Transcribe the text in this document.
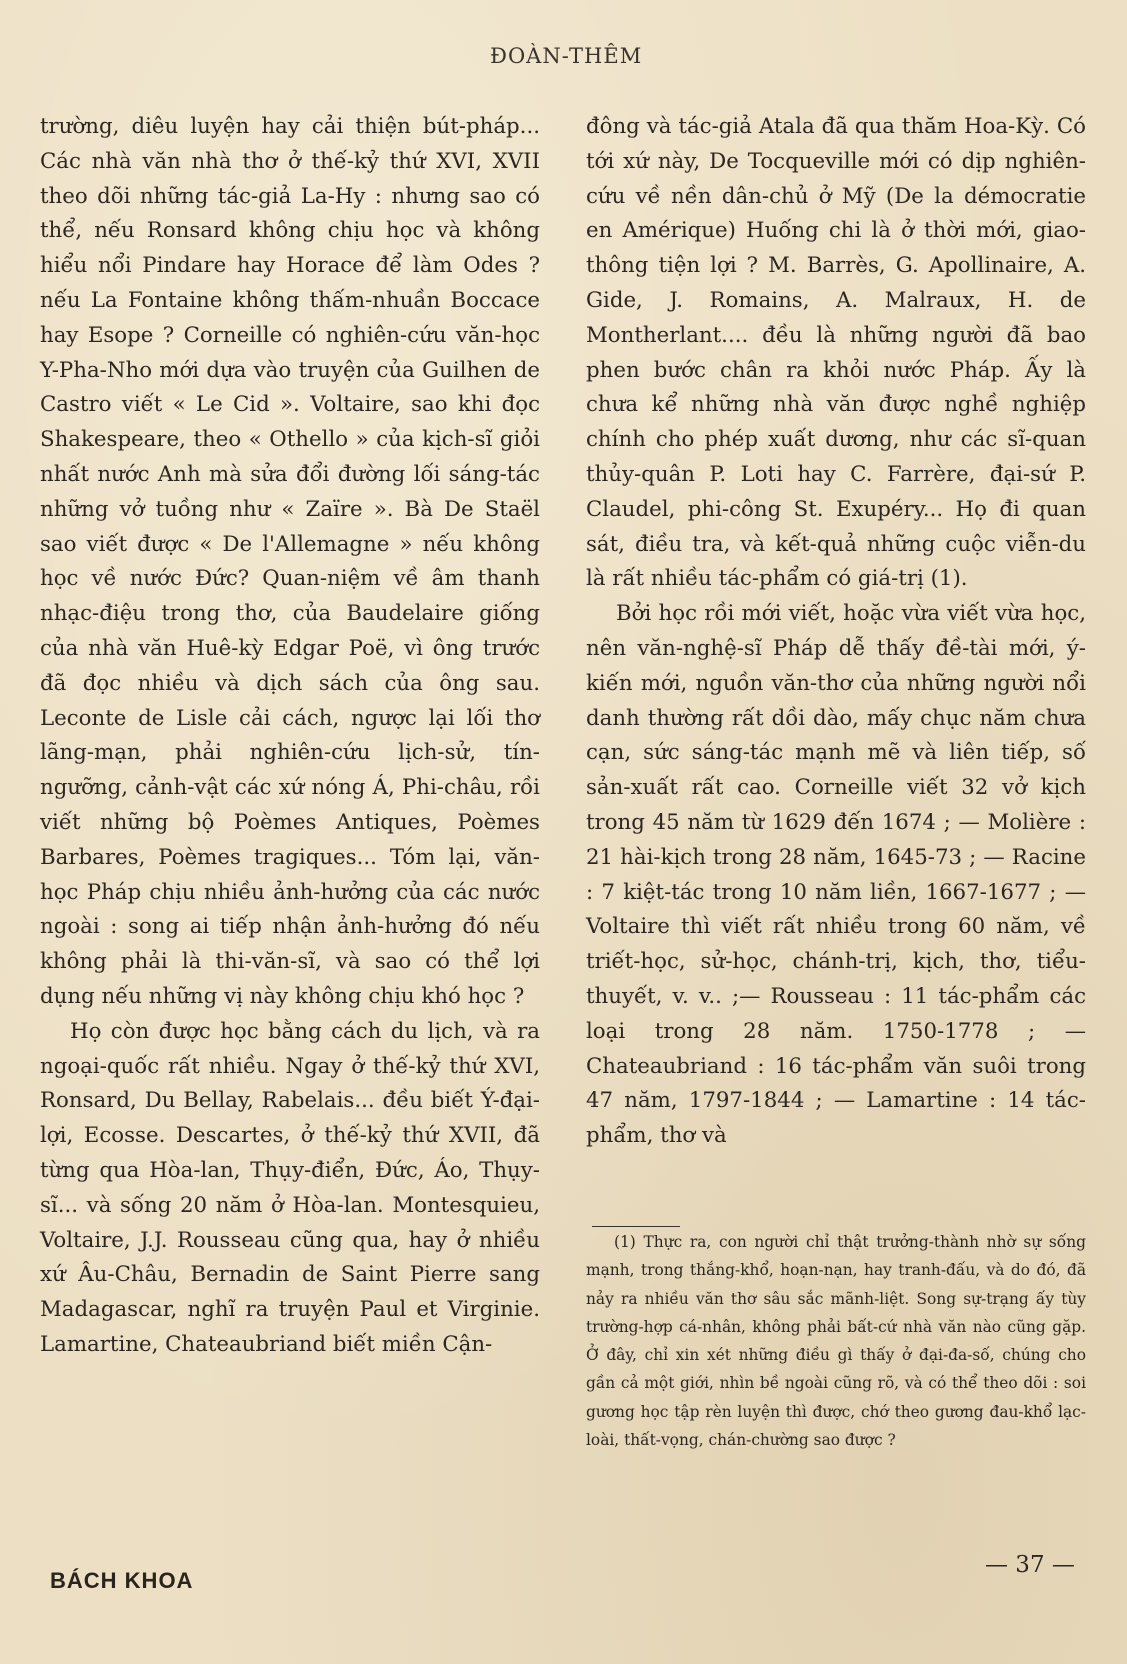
ĐOÀN-THÊM

trường, diêu luyện hay cải thiện bút-pháp... Các nhà văn nhà thơ ở thế-kỷ thứ XVI, XVII theo dõi những tác-giả La-Hy : nhưng sao có thể, nếu Ronsard không chịu học và không hiểu nổi Pindare hay Horace để làm Odes ? nếu La Fontaine không thấm-nhuần Boccace hay Esope ? Corneille có nghiên-cứu văn-học Y-Pha-Nho mới dựa vào truyện của Guilhen de Castro viết « Le Cid ». Voltaire, sao khi đọc Shakespeare, theo « Othello » của kịch-sĩ giỏi nhất nước Anh mà sửa đổi đường lối sáng-tác những vở tuồng như « Zaïre ». Bà De Staël sao viết được « De l'Allemagne » nếu không học về nước Đức? Quan-niệm về âm thanh nhạc-điệu trong thơ, của Baudelaire giống của nhà văn Huê-kỳ Edgar Poë, vì ông trước đã đọc nhiều và dịch sách của ông sau. Leconte de Lisle cải cách, ngược lại lối thơ lãng-mạn, phải nghiên-cứu lịch-sử, tín-ngưỡng, cảnh-vật các xứ nóng Á, Phi-châu, rồi viết những bộ Poèmes Antiques, Poèmes Barbares, Poèmes tragiques... Tóm lại, văn-học Pháp chịu nhiều ảnh-hưởng của các nước ngoài : song ai tiếp nhận ảnh-hưởng đó nếu không phải là thi-văn-sĩ, và sao có thể lợi dụng nếu những vị này không chịu khó học ?

Họ còn được học bằng cách du lịch, và ra ngoại-quốc rất nhiều. Ngay ở thế-kỷ thứ XVI, Ronsard, Du Bellay, Rabelais... đều biết Ý-đại-lợi, Ecosse. Descartes, ở thế-kỷ thứ XVII, đã từng qua Hòa-lan, Thụy-điển, Đức, Áo, Thụy-sĩ... và sống 20 năm ở Hòa-lan. Montesquieu, Voltaire, J.J. Rousseau cũng qua, hay ở nhiều xứ Âu-Châu, Bernadin de Saint Pierre sang Madagascar, nghĩ ra truyện Paul et Virginie. Lamartine, Chateaubriand biết miền Cận-

đông và tác-giả Atala đã qua thăm Hoa-Kỳ. Có tới xứ này, De Tocqueville mới có dịp nghiên-cứu về nền dân-chủ ở Mỹ (De la démocratie en Amérique) Huống chi là ở thời mới, giao-thông tiện lợi ? M. Barrès, G. Apollinaire, A. Gide, J. Romains, A. Malraux, H. de Montherlant.... đều là những người đã bao phen bước chân ra khỏi nước Pháp. Ấy là chưa kể những nhà văn được nghề nghiệp chính cho phép xuất dương, như các sĩ-quan thủy-quân P. Loti hay C. Farrère, đại-sứ P. Claudel, phi-công St. Exupéry... Họ đi quan sát, điều tra, và kết-quả những cuộc viễn-du là rất nhiều tác-phẩm có giá-trị (1).

Bởi học rồi mới viết, hoặc vừa viết vừa học, nên văn-nghệ-sĩ Pháp dễ thấy đề-tài mới, ý-kiến mới, nguồn văn-thơ của những người nổi danh thường rất dồi dào, mấy chục năm chưa cạn, sức sáng-tác mạnh mẽ và liên tiếp, số sản-xuất rất cao. Corneille viết 32 vở kịch trong 45 năm từ 1629 đến 1674 ; — Molière : 21 hài-kịch trong 28 năm, 1645-73 ; — Racine : 7 kiệt-tác trong 10 năm liền, 1667-1677 ; —Voltaire thì viết rất nhiều trong 60 năm, về triết-học, sử-học, chánh-trị, kịch, thơ, tiểu-thuyết, v. v.. ;— Rousseau : 11 tác-phẩm các loại trong 28 năm. 1750-1778 ; — Chateaubriand : 16 tác-phẩm văn suôi trong 47 năm, 1797-1844 ; — Lamartine : 14 tác-phẩm, thơ và

(1) Thực ra, con người chỉ thật trưởng-thành nhờ sự sống mạnh, trong thắng-khổ, hoạn-nạn, hay tranh-đấu, và do đó, đã nảy ra nhiều văn thơ sâu sắc mãnh-liệt. Song sự-trạng ấy tùy trường-hợp cá-nhân, không phải bất-cứ nhà văn nào cũng gặp. Ở đây, chỉ xin xét những điều gì thấy ở đại-đa-số, chúng cho gần cả một giới, nhìn bề ngoài cũng rõ, và có thể theo dõi : soi gương học tập rèn luyện thì được, chớ theo gương đau-khổ lạc-loài, thất-vọng, chán-chường sao được ?

BÁCH KHOA
— 37 —
